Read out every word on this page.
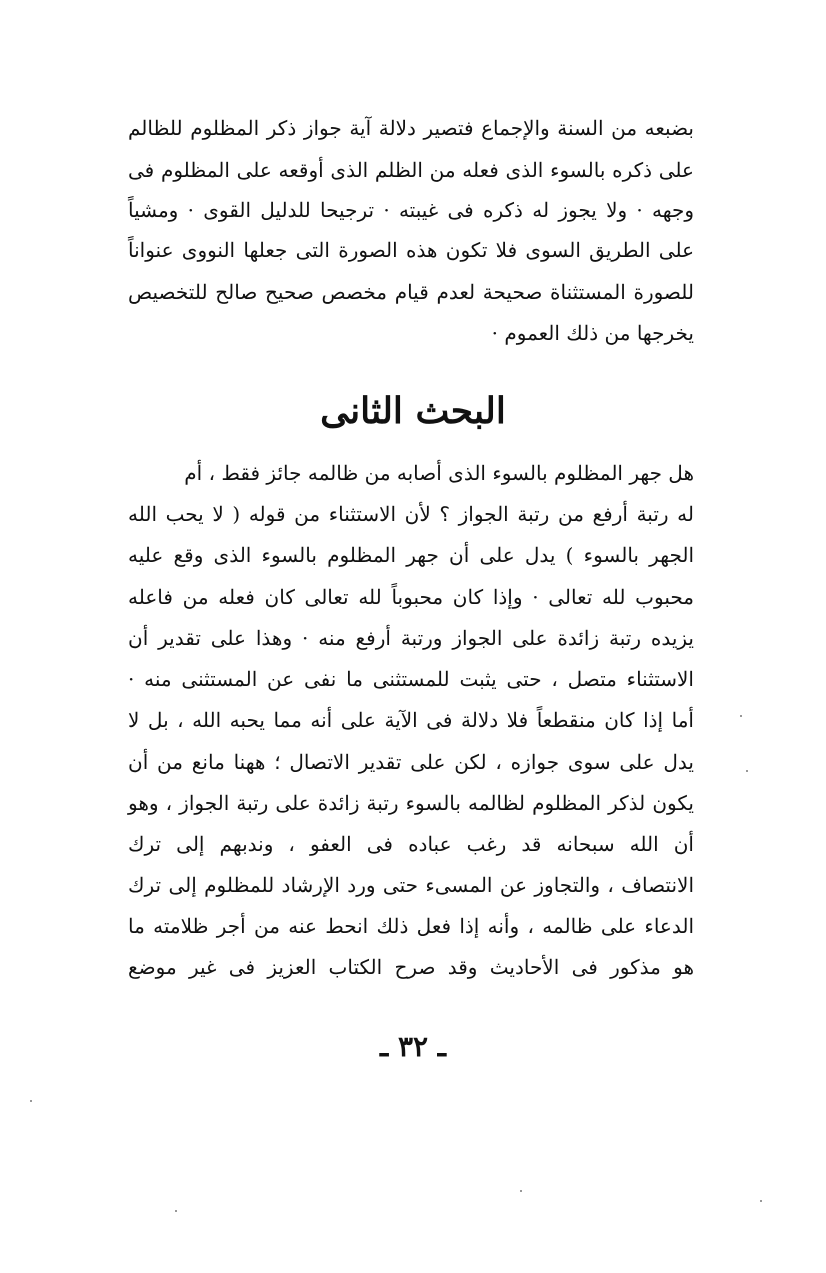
بضبعه من السنة والإجماع فتصير دلالة آية جواز ذكر المظلوم للظالم
على ذكره بالسوء الذى فعله من الظلم الذى أوقعه على المظلوم فى
وجهه · ولا يجوز له ذكره فى غيبته · ترجيحا للدليل القوى · ومشياً
على الطريق السوى فلا تكون هذه الصورة التى جعلها النووى عنواناً
للصورة المستثناة صحيحة لعدم قيام مخصص صحيح صالح للتخصيص
يخرجها من ذلك العموم ·
البحث الثانى
هل جهر المظلوم بالسوء الذى أصابه من ظالمه جائز فقط ، أم
له رتبة أرفع من رتبة الجواز ؟ لأن الاستثناء من قوله ( لا يحب الله
الجهر بالسوء ) يدل على أن جهر المظلوم بالسوء الذى وقع عليه
محبوب لله تعالى · وإذا كان محبوباً لله تعالى كان فعله من فاعله
يزيده رتبة زائدة على الجواز ورتبة أرفع منه · وهذا على تقدير أن
الاستثناء متصل ، حتى يثبت للمستثنى ما نفى عن المستثنى منه ·
أما إذا كان منقطعاً فلا دلالة فى الآية على أنه مما يحبه الله ، بل لا
يدل على سوى جوازه ، لكن على تقدير الاتصال ؛ ههنا مانع من أن
يكون لذكر المظلوم لظالمه بالسوء رتبة زائدة على رتبة الجواز ، وهو
أن الله سبحانه قد رغب عباده فى العفو ، وندبهم إلى ترك
الانتصاف ، والتجاوز عن المسىء حتى ورد الإرشاد للمظلوم إلى ترك
الدعاء على ظالمه ، وأنه إذا فعل ذلك انحط عنه من أجر ظلامته ما
هو مذكور فى الأحاديث وقد صرح الكتاب العزيز فى غير موضع
ـ ٣٢ ـ
